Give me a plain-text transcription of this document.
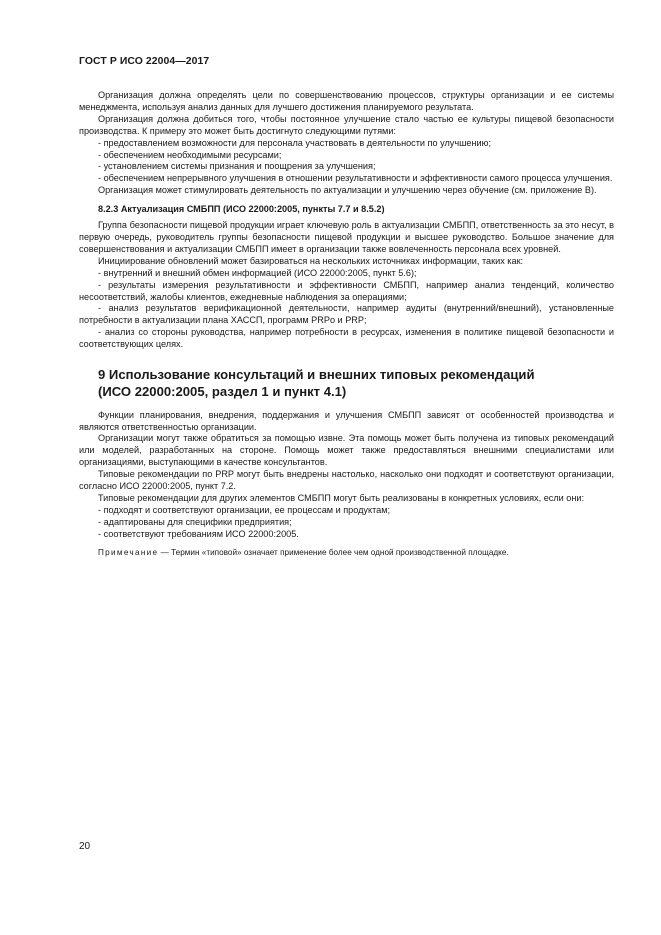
ГОСТ Р ИСО 22004—2017

Организация должна определять цели по совершенствованию процессов, структуры организации и ее системы менеджмента, используя анализ данных для лучшего достижения планируемого результата.

Организация должна добиться того, чтобы постоянное улучшение стало частью ее культуры пищевой безопасности производства. К примеру это может быть достигнуто следующими путями:

- предоставлением возможности для персонала участвовать в деятельности по улучшению;

- обеспечением необходимыми ресурсами;

- установлением системы признания и поощрения за улучшения;

- обеспечением непрерывного улучшения в отношении результативности и эффективности самого процесса улучшения.

Организация может стимулировать деятельность по актуализации и улучшению через обучение (см. приложение В).

8.2.3 Актуализация СМБПП (ИСО 22000:2005, пункты 7.7 и 8.5.2)

Группа безопасности пищевой продукции играет ключевую роль в актуализации СМБПП, ответственность за это несут, в первую очередь, руководитель группы безопасности пищевой продукции и высшее руководство. Большое значение для совершенствования и актуализации СМБПП имеет в организации также вовлеченность персонала всех уровней.

Инициирование обновлений может базироваться на нескольких источниках информации, таких как:

- внутренний и внешний обмен информацией (ИСО 22000:2005, пункт 5.6);

- результаты измерения результативности и эффективности СМБПП, например анализ тенденций, количество несоответствий, жалобы клиентов, ежедневные наблюдения за операциями;

- анализ результатов верификационной деятельности, например аудиты (внутренний/внешний), установленные потребности в актуализации плана ХАССП, программ PRPо и PRP;

- анализ со стороны руководства, например потребности в ресурсах, изменения в политике пищевой безопасности и соответствующих целях.

9 Использование консультаций и внешних типовых рекомендаций
(ИСО 22000:2005, раздел 1 и пункт 4.1)

Функции планирования, внедрения, поддержания и улучшения СМБПП зависят от особенностей производства и являются ответственностью организации.

Организации могут также обратиться за помощью извне. Эта помощь может быть получена из типовых рекомендаций или моделей, разработанных на стороне. Помощь может также предоставляться внешними специалистами или организациями, выступающими в качестве консультантов.

Типовые рекомендации по PRP могут быть внедрены настолько, насколько они подходят и соответствуют организации, согласно ИСО 22000:2005, пункт 7.2.

Типовые рекомендации для других элементов СМБПП могут быть реализованы в конкретных условиях, если они:

- подходят и соответствуют организации, ее процессам и продуктам;

- адаптированы для специфики предприятия;

- соответствуют требованиям ИСО 22000:2005.

Примечание — Термин «типовой» означает применение более чем одной производственной площадке.

20
